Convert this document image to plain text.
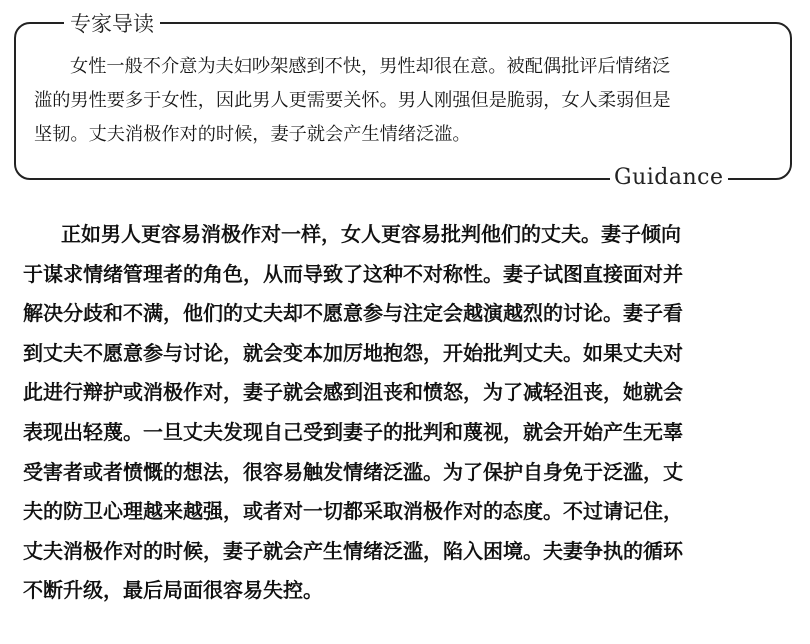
专家导读
女性一般不介意为夫妇吵架感到不快，男性却很在意。被配偶批评后情绪泛
滥的男性要多于女性，因此男人更需要关怀。男人刚强但是脆弱，女人柔弱但是
坚韧。丈夫消极作对的时候，妻子就会产生情绪泛滥。
Guidance
正如男人更容易消极作对一样，女人更容易批判他们的丈夫。妻子倾向
于谋求情绪管理者的角色，从而导致了这种不对称性。妻子试图直接面对并
解决分歧和不满，他们的丈夫却不愿意参与注定会越演越烈的讨论。妻子看
到丈夫不愿意参与讨论，就会变本加厉地抱怨，开始批判丈夫。如果丈夫对
此进行辩护或消极作对，妻子就会感到沮丧和愤怒，为了减轻沮丧，她就会
表现出轻蔑。一旦丈夫发现自己受到妻子的批判和蔑视，就会开始产生无辜
受害者或者愤慨的想法，很容易触发情绪泛滥。为了保护自身免于泛滥，丈
夫的防卫心理越来越强，或者对一切都采取消极作对的态度。不过请记住，
丈夫消极作对的时候，妻子就会产生情绪泛滥，陷入困境。夫妻争执的循环
不断升级，最后局面很容易失控。
